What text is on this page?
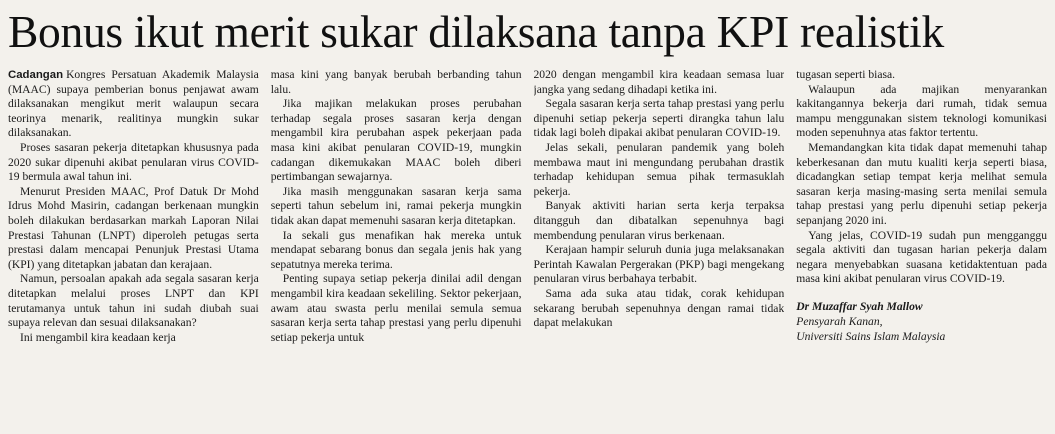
Bonus ikut merit sukar dilaksana tanpa KPI realistik

Cadangan Kongres Persatuan Akademik Malaysia (MAAC) supaya pemberian bonus penjawat awam dilaksanakan mengikut merit walaupun secara teorinya menarik, realitinya mungkin sukar dilaksanakan.

Proses sasaran pekerja ditetapkan khususnya pada 2020 sukar dipenuhi akibat penularan virus COVID-19 bermula awal tahun ini.

Menurut Presiden MAAC, Prof Datuk Dr Mohd Idrus Mohd Masirin, cadangan berkenaan mungkin boleh dilakukan berdasarkan markah Laporan Nilai Prestasi Tahunan (LNPT) diperoleh petugas serta prestasi dalam mencapai Penunjuk Prestasi Utama (KPI) yang ditetapkan jabatan dan kerajaan.

Namun, persoalan apakah ada segala sasaran kerja ditetapkan melalui proses LNPT dan KPI terutamanya untuk tahun ini sudah diubah suai supaya relevan dan sesuai dilaksanakan?

Ini mengambil kira keadaan kerja

masa kini yang banyak berubah berbanding tahun lalu.

Jika majikan melakukan proses perubahan terhadap segala proses sasaran kerja dengan mengambil kira perubahan aspek pekerjaan pada masa kini akibat penularan COVID-19, mungkin cadangan dikemukakan MAAC boleh diberi pertimbangan sewajarnya.

Jika masih menggunakan sasaran kerja sama seperti tahun sebelum ini, ramai pekerja mungkin tidak akan dapat memenuhi sasaran kerja ditetapkan.

Ia sekali gus menafikan hak mereka untuk mendapat sebarang bonus dan segala jenis hak yang sepatutnya mereka terima.

Penting supaya setiap pekerja dinilai adil dengan mengambil kira keadaan sekeliling. Sektor pekerjaan, awam atau swasta perlu menilai semula semua sasaran kerja serta tahap prestasi yang perlu dipenuhi setiap pekerja untuk

2020 dengan mengambil kira keadaan semasa luar jangka yang sedang dihadapi ketika ini.

Segala sasaran kerja serta tahap prestasi yang perlu dipenuhi setiap pekerja seperti dirangka tahun lalu tidak lagi boleh dipakai akibat penularan COVID-19.

Jelas sekali, penularan pandemik yang boleh membawa maut ini mengundang perubahan drastik terhadap kehidupan semua pihak termasuklah pekerja.

Banyak aktiviti harian serta kerja terpaksa ditangguh dan dibatalkan sepenuhnya bagi membendung penularan virus berkenaan.

Kerajaan hampir seluruh dunia juga melaksanakan Perintah Kawalan Pergerakan (PKP) bagi mengekang penularan virus berbahaya terbabit.

Sama ada suka atau tidak, corak kehidupan sekarang berubah sepenuhnya dengan ramai tidak dapat melakukan

tugasan seperti biasa.

Walaupun ada majikan menyarankan kakitangannya bekerja dari rumah, tidak semua mampu menggunakan sistem teknologi komunikasi moden sepenuhnya atas faktor tertentu.

Memandangkan kita tidak dapat memenuhi tahap keberkesanan dan mutu kualiti kerja seperti biasa, dicadangkan setiap tempat kerja melihat semula sasaran kerja masing-masing serta menilai semula tahap prestasi yang perlu dipenuhi setiap pekerja sepanjang 2020 ini.

Yang jelas, COVID-19 sudah pun mengganggu segala aktiviti dan tugasan harian pekerja dalam negara menyebabkan suasana ketidaktentuan pada masa kini akibat penularan virus COVID-19.

Dr Muzaffar Syah Mallow
Pensyarah Kanan,
Universiti Sains Islam Malaysia
